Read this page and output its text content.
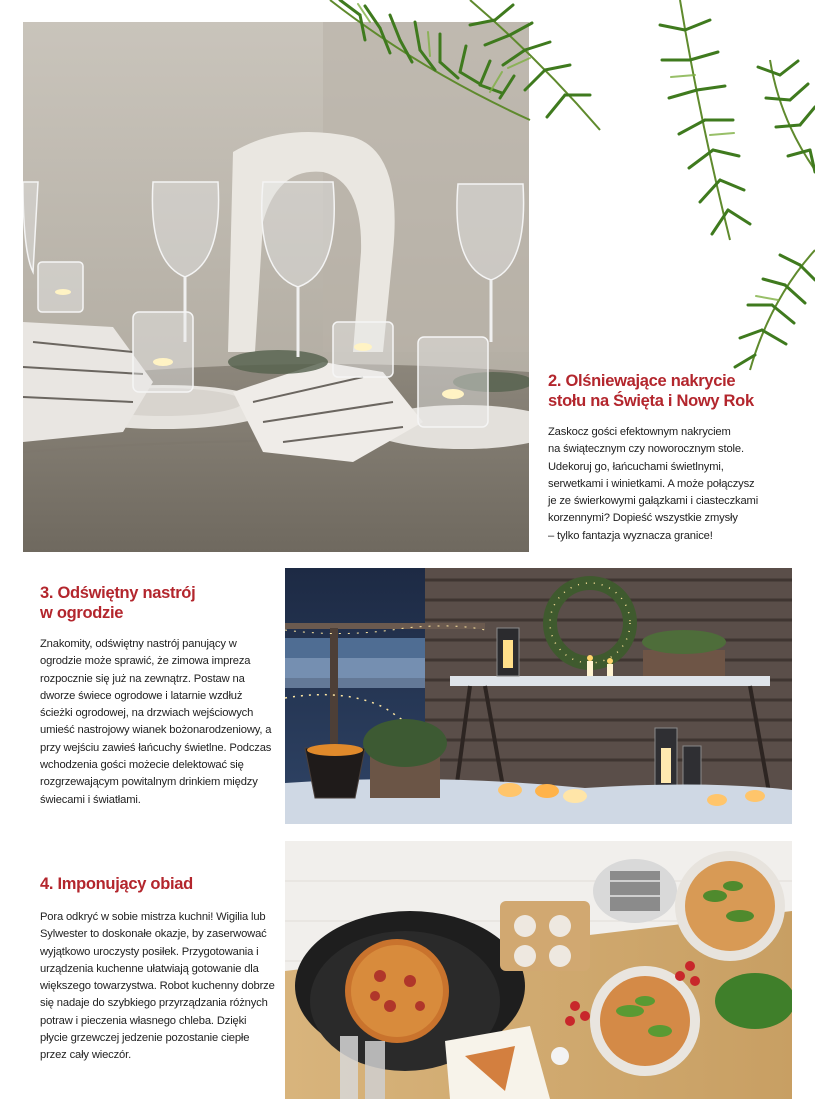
2. Olśniewające nakrycie
stołu na Święta i Nowy Rok
Zaskocz gości efektownym nakryciem
na świątecznym czy noworocznym stole.
Udekoruj go, łańcuchami świetlnymi,
serwetkami i winietkami. A może połączysz
je ze świerkowymi gałązkami i ciasteczkami
korzennymi? Dopieść wszystkie zmysły
– tylko fantazja wyznacza granice!
3. Odświętny nastrój
w ogrodzie
Znakomity, odświętny nastrój panujący w
ogrodzie może sprawić, że zimowa impreza
rozpocznie się już na zewnątrz. Postaw na
dworze świece ogrodowe i latarnie wzdłuż
ścieżki ogrodowej, na drzwiach wejściowych
umieść nastrojowy wianek bożonarodzeniowy, a
przy wejściu zawieś łańcuchy świetlne. Podczas
wchodzenia gości możecie delektować się
rozgrzewającym powitalnym drinkiem między
świecami i światłami.
4. Imponujący obiad
Pora odkryć w sobie mistrza kuchni! Wigilia lub
Sylwester to doskonałe okazje, by zaserwować
wyjątkowo uroczysty posiłek. Przygotowania i
urządzenia kuchenne ułatwiają gotowanie dla
większego towarzystwa. Robot kuchenny dobrze
się nadaje do szybkiego przyrządzania różnych
potraw i pieczenia własnego chleba. Dzięki
płycie grzewczej jedzenie pozostanie ciepłe
przez cały wieczór.
